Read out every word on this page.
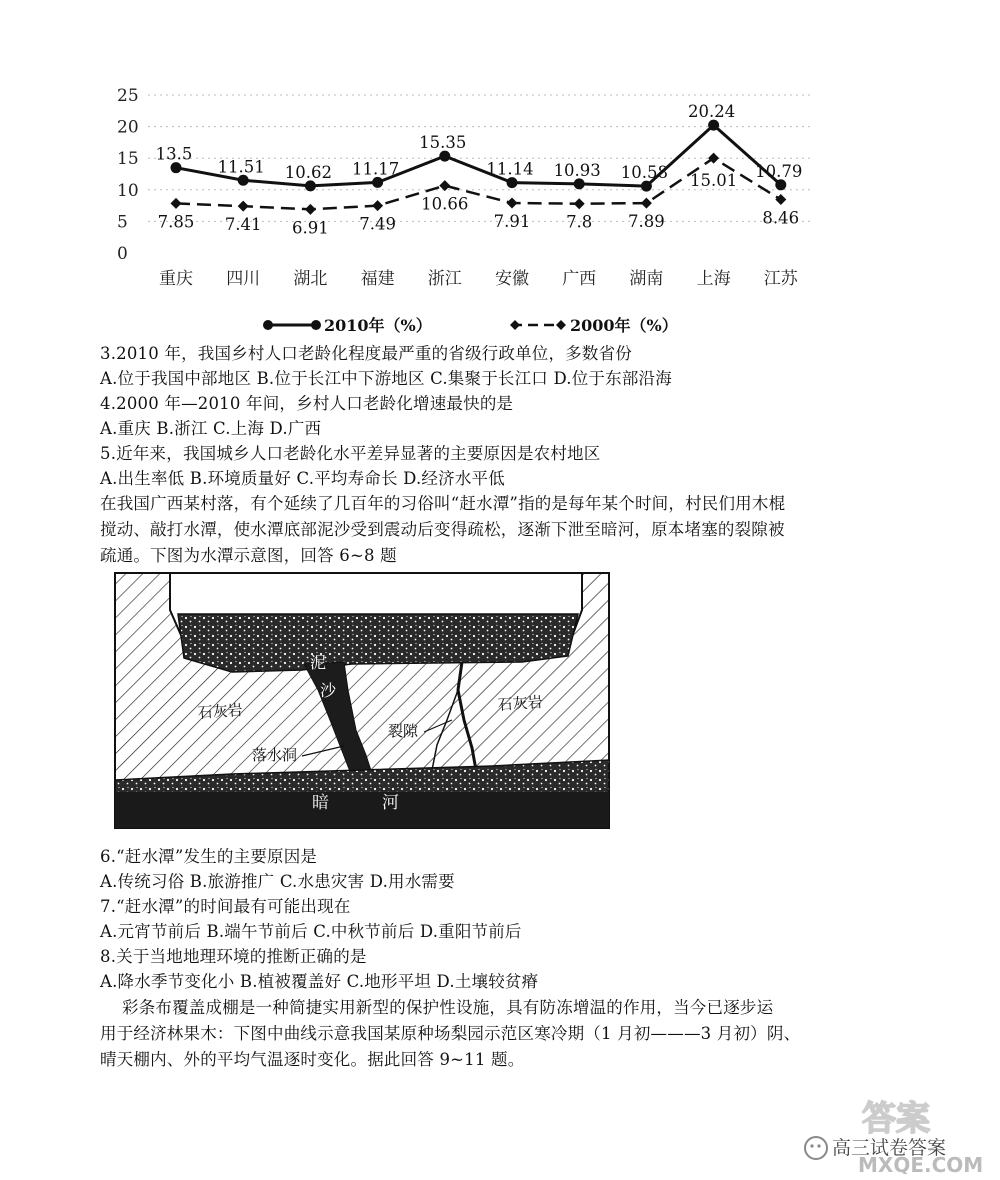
25
20
15
10
5
0
重庆 四川 湖北 福建 浙江 安徽 广西 湖南 上海 江苏
13.5
11.51 10.62 11.17
15.35
11.14 10.93 10.58
20.24
10.79
7.85 7.41 6.91 7.49
10.66
7.91 7.8 7.89
15.01
8.46
2010年（%）	2000年（%）
3.2010 年，我国乡村人口老龄化程度最严重的省级行政单位，多数省份
A.位于我国中部地区 B.位于长江中下游地区 C.集聚于长江口 D.位于东部沿海
4.2000 年—2010 年间，乡村人口老龄化增速最快的是
A.重庆 B.浙江 C.上海 D.广西
5.近年来，我国城乡人口老龄化水平差异显著的主要原因是农村地区
A.出生率低 B.环境质量好 C.平均寿命长 D.经济水平低
在我国广西某村落，有个延续了几百年的习俗叫“赶水潭”指的是每年某个时间，村民们用木棍
搅动、敲打水潭，使水潭底部泥沙受到震动后变得疏松，逐渐下泄至暗河，原本堵塞的裂隙被
疏通。下图为水潭示意图，回答 6~8 题
泥
沙
石灰岩	石灰岩
裂隙
落水洞
暗	河
6.“赶水潭”发生的主要原因是
A.传统习俗 B.旅游推广 C.水患灾害 D.用水需要
7.“赶水潭”的时间最有可能出现在
A.元宵节前后 B.端午节前后 C.中秋节前后 D.重阳节前后
8.关于当地地理环境的推断正确的是
A.降水季节变化小 B.植被覆盖好 C.地形平坦 D.土壤较贫瘠
彩条布覆盖成棚是一种简捷实用新型的保护性设施，具有防冻增温的作用，当今已逐步运
用于经济林果木：下图中曲线示意我国某原种场梨园示范区寒冷期（1 月初———3 月初）阴、
晴天棚内、外的平均气温逐时变化。据此回答 9~11 题。
高三试卷答案
答案
MXQE.COM
